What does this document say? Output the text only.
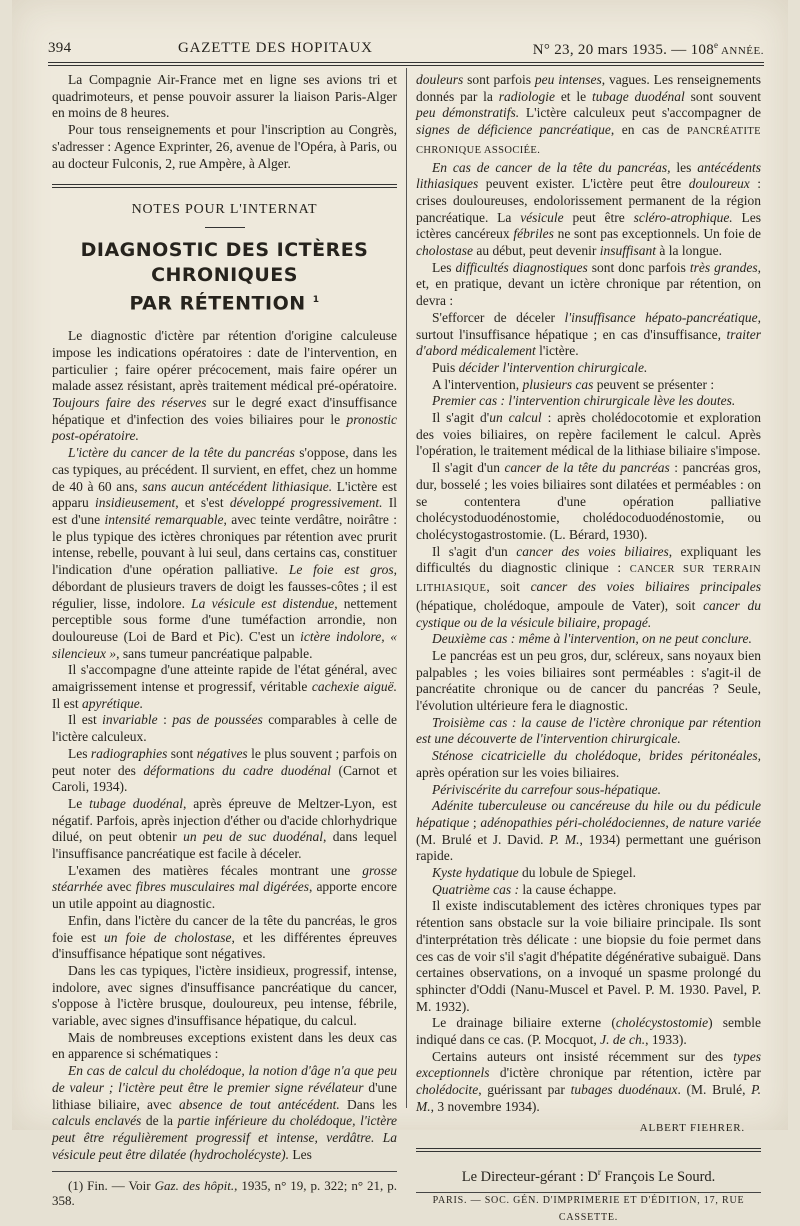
394	GAZETTE DES HOPITAUX	N° 23, 20 mars 1935. — 108e ANNÉE.

La Compagnie Air-France met en ligne ses avions tri et quadrimoteurs, et pense pouvoir assurer la liaison Paris-Alger en moins de 8 heures.

Pour tous renseignements et pour l'inscription au Congrès, s'adresser : Agence Exprinter, 26, avenue de l'Opéra, à Paris, ou au docteur Fulconis, 2, rue Ampère, à Alger.

NOTES POUR L'INTERNAT
DIAGNOSTIC DES ICTÈRES CHRONIQUES
PAR RÉTENTION $^1$

Le diagnostic d'ictère par rétention d'origine calculeuse impose les indications opératoires : date de l'intervention, en particulier ; faire opérer précocement, mais faire opérer un malade assez résistant, après traitement médical pré-opératoire. Toujours faire des réserves sur le degré exact d'insuffisance hépatique et d'infection des voies biliaires pour le pronostic post-opératoire.

L'ictère du cancer de la tête du pancréas s'oppose, dans les cas typiques, au précédent. Il survient, en effet, chez un homme de 40 à 60 ans, sans aucun antécédent lithiasique. L'ictère est apparu insidieusement, et s'est développé progressivement. Il est d'une intensité remarquable, avec teinte verdâtre, noirâtre : le plus typique des ictères chroniques par rétention avec prurit intense, rebelle, pouvant à lui seul, dans certains cas, constituer l'indication d'une opération palliative. Le foie est gros, débordant de plusieurs travers de doigt les fausses-côtes ; il est régulier, lisse, indolore. La vésicule est distendue, nettement perceptible sous forme d'une tuméfaction arrondie, non douloureuse (Loi de Bard et Pic). C'est un ictère indolore, « silencieux », sans tumeur pancréatique palpable.

Il s'accompagne d'une atteinte rapide de l'état général, avec amaigrissement intense et progressif, véritable cachexie aiguë. Il est apyrétique.

Il est invariable : pas de poussées comparables à celle de l'ictère calculeux.

Les radiographies sont négatives le plus souvent ; parfois on peut noter des déformations du cadre duodénal (Carnot et Caroli, 1934).

Le tubage duodénal, après épreuve de Meltzer-Lyon, est négatif. Parfois, après injection d'éther ou d'acide chlorhydrique dilué, on peut obtenir un peu de suc duodénal, dans lequel l'insuffisance pancréatique est facile à déceler.

L'examen des matières fécales montrant une grosse stéarrhée avec fibres musculaires mal digérées, apporte encore un utile appoint au diagnostic.

Enfin, dans l'ictère du cancer de la tête du pancréas, le gros foie est un foie de cholostase, et les différentes épreuves d'insuffisance hépatique sont négatives.

Dans les cas typiques, l'ictère insidieux, progressif, intense, indolore, avec signes d'insuffisance pancréatique du cancer, s'oppose à l'ictère brusque, douloureux, peu intense, fébrile, variable, avec signes d'insuffisance hépatique, du calcul.

Mais de nombreuses exceptions existent dans les deux cas en apparence si schématiques :

En cas de calcul du cholédoque, la notion d'âge n'a que peu de valeur ; l'ictère peut être le premier signe révélateur d'une lithiase biliaire, avec absence de tout antécédent. Dans les calculs enclavés de la partie inférieure du cholédoque, l'ictère peut être régulièrement progressif et intense, verdâtre. La vésicule peut être dilatée (hydrocholécyste). Les

(1) Fin. — Voir Gaz. des hôpit., 1935, n° 19, p. 322; n° 21, p. 358.

douleurs sont parfois peu intenses, vagues. Les renseignements donnés par la radiologie et le tubage duodénal sont souvent peu démonstratifs. L'ictère calculeux peut s'accompagner de signes de déficience pancréatique, en cas de PANCRÉATITE CHRONIQUE ASSOCIÉE.

En cas de cancer de la tête du pancréas, les antécédents lithiasiques peuvent exister. L'ictère peut être douloureux : crises douloureuses, endolorissement permanent de la région pancréatique. La vésicule peut être scléro-atrophique. Les ictères cancéreux fébriles ne sont pas exceptionnels. Un foie de cholostase au début, peut devenir insuffisant à la longue.

Les difficultés diagnostiques sont donc parfois très grandes, et, en pratique, devant un ictère chronique par rétention, on devra :

S'efforcer de déceler l'insuffisance hépato-pancréatique, surtout l'insuffisance hépatique ; en cas d'insuffisance, traiter d'abord médicalement l'ictère.

Puis décider l'intervention chirurgicale.

A l'intervention, plusieurs cas peuvent se présenter :

Premier cas : l'intervention chirurgicale lève les doutes.

Il s'agit d'un calcul : après cholédocotomie et exploration des voies biliaires, on repère facilement le calcul. Après l'opération, le traitement médical de la lithiase biliaire s'impose.

Il s'agit d'un cancer de la tête du pancréas : pancréas gros, dur, bosselé ; les voies biliaires sont dilatées et perméables : on se contentera d'une opération palliative cholécystoduodénostomie, cholédocoduodénostomie, ou cholécystogastrostomie. (L. Bérard, 1930).

Il s'agit d'un cancer des voies biliaires, expliquant les difficultés du diagnostic clinique : CANCER SUR TERRAIN LITHIASIQUE, soit cancer des voies biliaires principales (hépatique, cholédoque, ampoule de Vater), soit cancer du cystique ou de la vésicule biliaire, propagé.

Deuxième cas : même à l'intervention, on ne peut conclure.

Le pancréas est un peu gros, dur, scléreux, sans noyaux bien palpables ; les voies biliaires sont perméables : s'agit-il de pancréatite chronique ou de cancer du pancréas ? Seule, l'évolution ultérieure fera le diagnostic.

Troisième cas : la cause de l'ictère chronique par rétention est une découverte de l'intervention chirurgicale.

Sténose cicatricielle du cholédoque, brides péritonéales, après opération sur les voies biliaires.

Périviscérite du carrefour sous-hépatique.

Adénite tuberculeuse ou cancéreuse du hile ou du pédicule hépatique ; adénopathies péri-cholédociennes, de nature variée (M. Brulé et J. David. P. M., 1934) permettant une guérison rapide.

Kyste hydatique du lobule de Spiegel.

Quatrième cas : la cause échappe.

Il existe indiscutablement des ictères chroniques types par rétention sans obstacle sur la voie biliaire principale. Ils sont d'interprétation très délicate : une biopsie du foie permet dans ces cas de voir s'il s'agit d'hépatite dégénérative subaiguë. Dans certaines observations, on a invoqué un spasme prolongé du sphincter d'Oddi (Nanu-Muscel et Pavel. P. M. 1930. Pavel, P. M. 1932).

Le drainage biliaire externe (cholécystostomie) semble indiqué dans ce cas. (P. Mocquot, J. de ch., 1933).

Certains auteurs ont insisté récemment sur des types exceptionnels d'ictère chronique par rétention, ictère par cholédocite, guérissant par tubages duodénaux. (M. Brulé, P. M., 3 novembre 1934).

ALBERT FIEHRER.
Le Directeur-gérant : $D^r$ François Le Sourd.
PARIS. — SOC. GÉN. D'IMPRIMERIE ET D'ÉDITION, 17, RUE CASSETTE.
